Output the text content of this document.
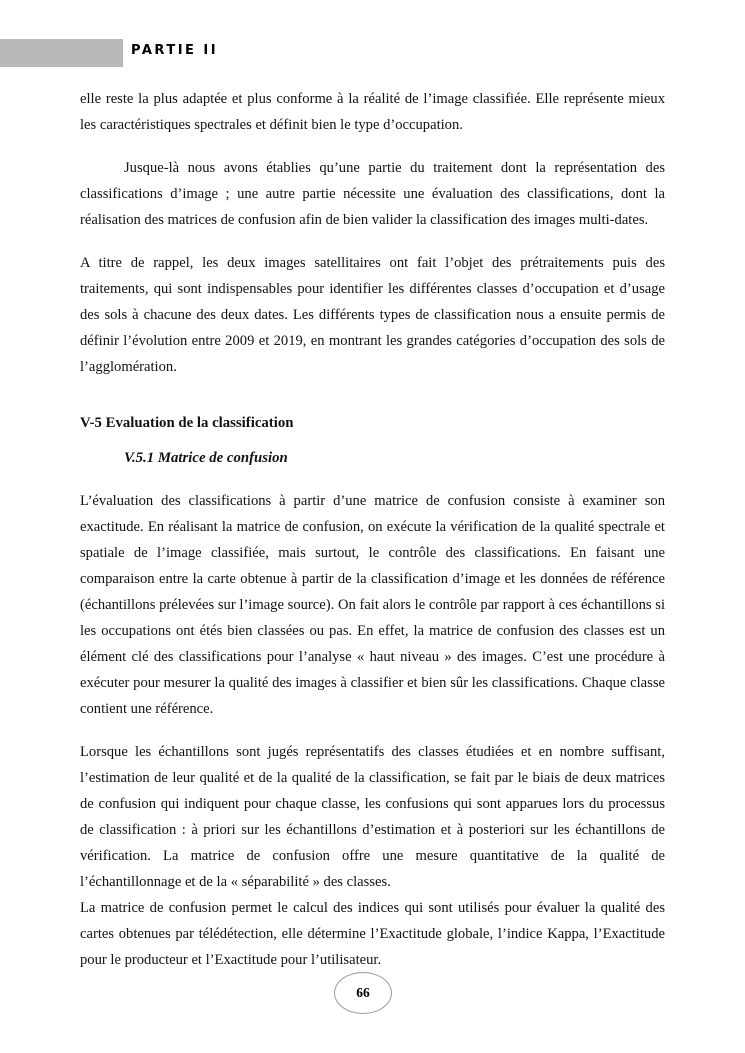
PARTIE II

elle reste la plus adaptée et plus conforme à la réalité de l’image classifiée. Elle représente mieux les caractéristiques spectrales et définit bien le type d’occupation.

Jusque-là nous avons établies qu’une partie du traitement dont la représentation des classifications d’image ; une autre partie nécessite une évaluation des classifications, dont la réalisation des matrices de confusion afin de bien valider la classification des images multi-dates.

A titre de rappel, les deux images satellitaires ont fait l’objet des prétraitements puis des traitements, qui sont indispensables pour identifier les différentes classes d’occupation et d’usage des sols à chacune des deux dates. Les différents types de classification nous a ensuite permis de définir l’évolution entre 2009 et 2019, en montrant les grandes catégories d’occupation des sols de l’agglomération.

V-5 Evaluation de la classification
V.5.1 Matrice de confusion

L’évaluation des classifications à partir d’une matrice de confusion consiste à examiner son exactitude. En réalisant la matrice de confusion, on exécute la vérification de la qualité spectrale et spatiale de l’image classifiée, mais surtout, le contrôle des classifications. En faisant une comparaison entre la carte obtenue à partir de la classification d’image et les données de référence (échantillons prélevées sur l’image source). On fait alors le contrôle par rapport à ces échantillons si les occupations ont étés bien classées ou pas. En effet, la matrice de confusion des classes est un élément clé des classifications pour l’analyse « haut niveau » des images. C’est une procédure à exécuter pour mesurer la qualité des images à classifier et bien sûr les classifications. Chaque classe contient une référence.

Lorsque les échantillons sont jugés représentatifs des classes étudiées et en nombre suffisant, l’estimation de leur qualité et de la qualité de la classification, se fait par le biais de deux matrices de confusion qui indiquent pour chaque classe, les confusions qui sont apparues lors du processus de classification : à priori sur les échantillons d’estimation et à posteriori sur les échantillons de vérification. La matrice de confusion offre une mesure quantitative de la qualité de l’échantillonnage et de la « séparabilité » des classes.

La matrice de confusion permet le calcul des indices qui sont utilisés pour évaluer la qualité des cartes obtenues par télédétection, elle détermine l’Exactitude globale, l’indice Kappa, l’Exactitude pour le producteur et l’Exactitude pour l’utilisateur.

66
